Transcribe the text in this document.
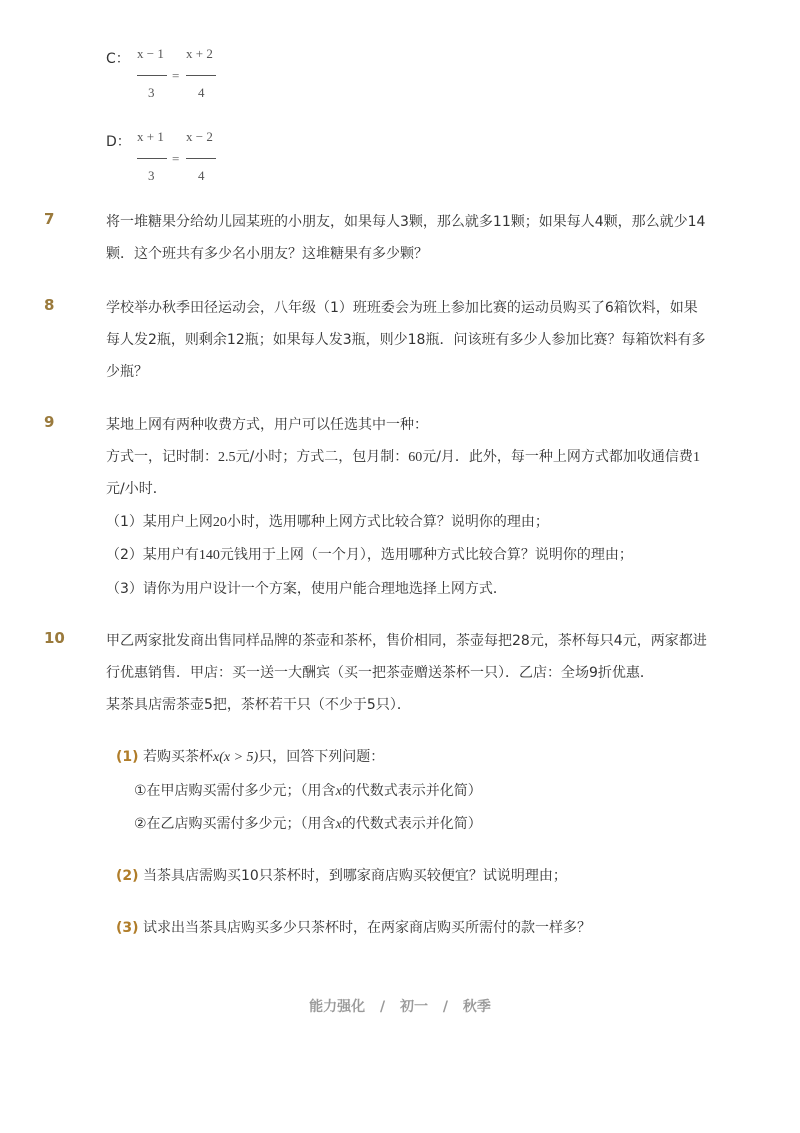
C： x − 1
3
=
x + 2
4
D： x + 1
3
=
x − 2
4
7	将一堆糖果分给幼儿园某班的小朋友，如果每人3颗，那么就多11颗；如果每人4颗，那么就少14
颗．这个班共有多少名小朋友？这堆糖果有多少颗？
8	学校举办秋季田径运动会，八年级（1）班班委会为班上参加比赛的运动员购买了6箱饮料，如果
每人发2瓶，则剩余12瓶；如果每人发3瓶，则少18瓶．问该班有多少人参加比赛？每箱饮料有多
少瓶？
9	某地上网有两种收费方式，用户可以任选其中一种：
方式一，记时制：2.5元/小时；方式二，包月制：60元/月．此外，每一种上网方式都加收通信费1
元/小时．
（1）某用户上网20小时，选用哪种上网方式比较合算？说明你的理由；
（2）某用户有140元钱用于上网（一个月），选用哪种方式比较合算？说明你的理由；
（3）请你为用户设计一个方案，使用户能合理地选择上网方式．
10	甲乙两家批发商出售同样品牌的茶壶和茶杯，售价相同，茶壶每把28元，茶杯每只4元，两家都进
行优惠销售．甲店：买一送一大酬宾（买一把茶壶赠送茶杯一只）．乙店：全场9折优惠．
某茶具店需茶壶5把，茶杯若干只（不少于5只）．
(1) 若购买茶杯x(x > 5)只，回答下列问题：
①在甲店购买需付多少元；（用含x的代数式表示并化简）
②在乙店购买需付多少元；（用含x的代数式表示并化简）
(2) 当茶具店需购买10只茶杯时，到哪家商店购买较便宜？试说明理由；
(3) 试求出当茶具店购买多少只茶杯时，在两家商店购买所需付的款一样多？
能力强化 / 初一 / 秋季
